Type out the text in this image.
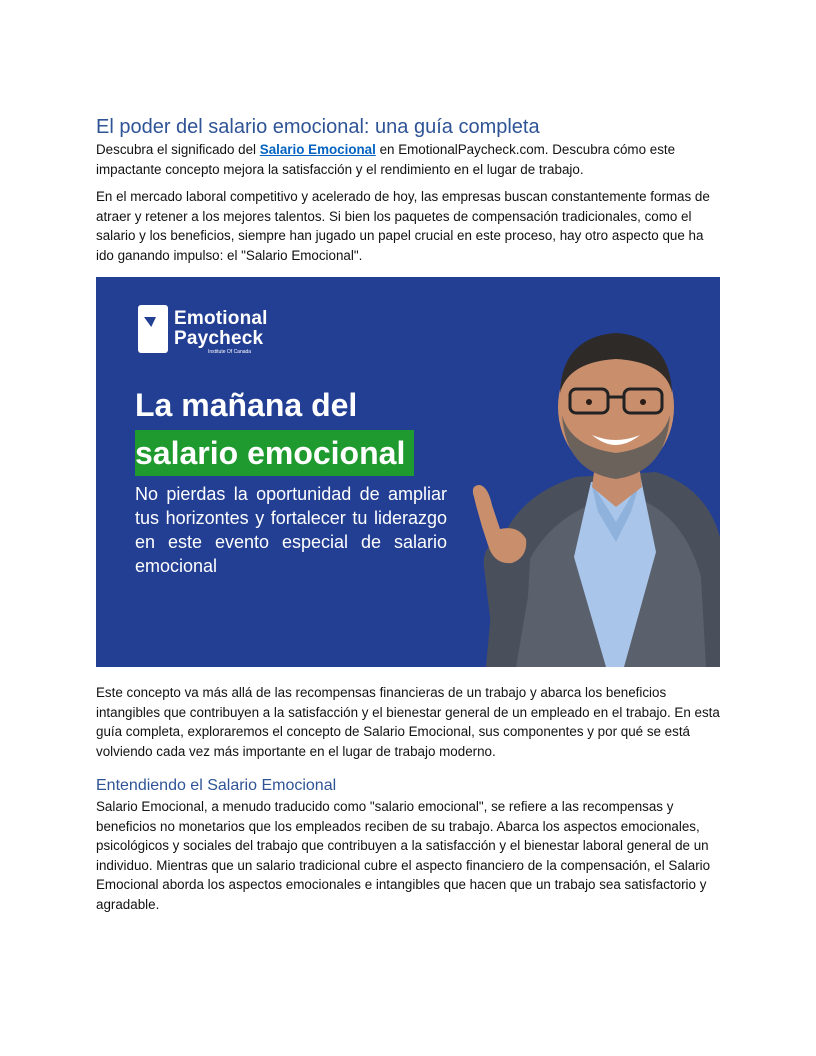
El poder del salario emocional: una guía completa

Descubra el significado del Salario Emocional en EmotionalPaycheck.com. Descubra cómo este impactante concepto mejora la satisfacción y el rendimiento en el lugar de trabajo.

En el mercado laboral competitivo y acelerado de hoy, las empresas buscan constantemente formas de atraer y retener a los mejores talentos. Si bien los paquetes de compensación tradicionales, como el salario y los beneficios, siempre han jugado un papel crucial en este proceso, hay otro aspecto que ha ido ganando impulso: el "Salario Emocional".

Emotional
Paycheck
Institute Of Canada
La mañana del
salario emocional
No pierdas la oportunidad de ampliar tus horizontes y fortalecer tu liderazgo en este evento especial de salario emocional

Este concepto va más allá de las recompensas financieras de un trabajo y abarca los beneficios intangibles que contribuyen a la satisfacción y el bienestar general de un empleado en el trabajo. En esta guía completa, exploraremos el concepto de Salario Emocional, sus componentes y por qué se está volviendo cada vez más importante en el lugar de trabajo moderno.

Entendiendo el Salario Emocional

Salario Emocional, a menudo traducido como "salario emocional", se refiere a las recompensas y beneficios no monetarios que los empleados reciben de su trabajo. Abarca los aspectos emocionales, psicológicos y sociales del trabajo que contribuyen a la satisfacción y el bienestar laboral general de un individuo. Mientras que un salario tradicional cubre el aspecto financiero de la compensación, el Salario Emocional aborda los aspectos emocionales e intangibles que hacen que un trabajo sea satisfactorio y agradable.
